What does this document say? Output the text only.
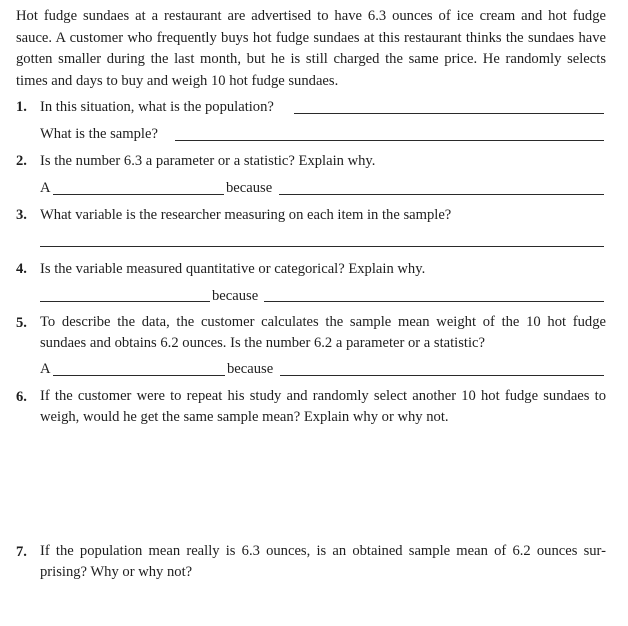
Hot fudge sundaes at a restaurant are advertised to have 6.3 ounces of ice cream and hot fudge sauce. A customer who frequently buys hot fudge sundaes at this restaurant thinks the sundaes have gotten smaller during the last month, but he is still charged the same price. He randomly selects times and days to buy and weigh 10 hot fudge sundaes.
1. In this situation, what is the population?
What is the sample?
2. Is the number 6.3 a parameter or a statistic? Explain why.
A	because
3. What variable is the researcher measuring on each item in the sample?
4. Is the variable measured quantitative or categorical? Explain why.
because
5. To describe the data, the customer calculates the sample mean weight of the 10 hot fudge sundaes and obtains 6.2 ounces. Is the number 6.2 a parameter or a statistic?
A	because
6. If the customer were to repeat his study and randomly select another 10 hot fudge sundaes to weigh, would he get the same sample mean? Explain why or why not.
7. If the population mean really is 6.3 ounces, is an obtained sample mean of 6.2 ounces sur-prising? Why or why not?
